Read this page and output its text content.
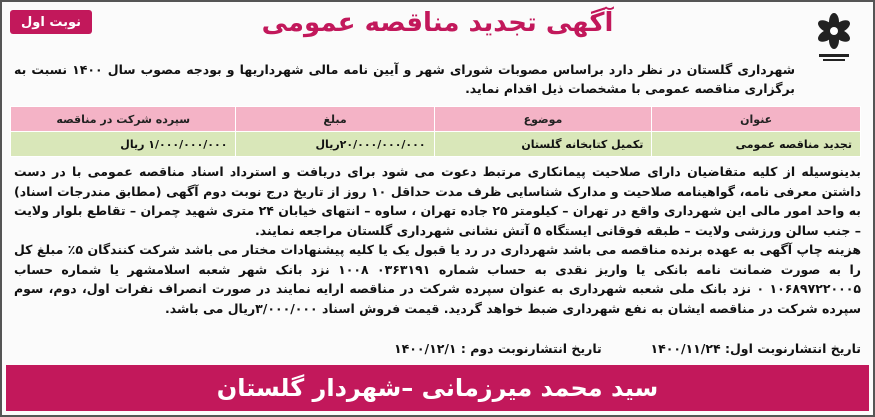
نوبت اول	آگهی تجدید مناقصه عمومی
شهرداری گلستان در نظر دارد براساس مصوبات شورای شهر و آیین نامه مالی شهرداریها و بودجه مصوب سال ۱۴۰۰ نسبت به برگزاری مناقصه عمومی با مشخصات ذیل اقدام نماید.
عنوان	موضوع	مبلغ	سپرده شرکت در مناقصه
تجدید مناقصه عمومی	تکمیل کتابخانه گلستان	۲۰/۰۰۰/۰۰۰/۰۰۰ریال	۱/۰۰۰/۰۰۰/۰۰۰ ریال

بدینوسیله از کلیه متقاضیان دارای صلاحیت پیمانکاری مرتبط دعوت می شود برای دریافت و استرداد اسناد مناقصه عمومی با در دست داشتن معرفی نامه، گواهینامه صلاحیت و مدارک شناسایی ظرف مدت حداقل ۱۰ روز از تاریخ درج نوبت دوم آگهی (مطابق مندرجات اسناد) به واحد امور مالی این شهرداری واقع در تهران – کیلومتر ۲۵ جاده تهران ، ساوه – انتهای خیابان ۲۴ متری شهید چمران – تقاطع بلوار ولایت – جنب سالن ورزشی ولایت – طبقه فوقانی ایستگاه ۵ آتش نشانی شهرداری گلستان مراجعه نمایند.

هزینه چاپ آگهی به عهده برنده مناقصه می باشد شهرداری در رد یا قبول یک یا کلیه پیشنهادات مختار می باشد شرکت کنندگان ۵٪ مبلغ کل را به صورت ضمانت نامه بانکی یا واریز نقدی به حساب شماره ۰۳۶۳۱۹۱ ۱۰۰۸ نزد بانک شهر شعبه اسلامشهر یا شماره حساب ۱۰۶۸۹۷۲۲۰۰۰۵ ۰ نزد بانک ملی شعبه شهرداری به عنوان سپرده شرکت در مناقصه ارایه نمایند در صورت انصراف نفرات اول، دوم، سوم سپرده شرکت در مناقصه ایشان به نفع شهرداری ضبط خواهد گردید. قیمت فروش اسناد ۳/۰۰۰/۰۰۰ریال می باشد.

تاریخ انتشارنوبت اول: ۱۴۰۰/۱۱/۲۴  تاریخ انتشارنوبت دوم : ۱۴۰۰/۱۲/۱
سید محمد میرزمانی –شهردار گلستان
